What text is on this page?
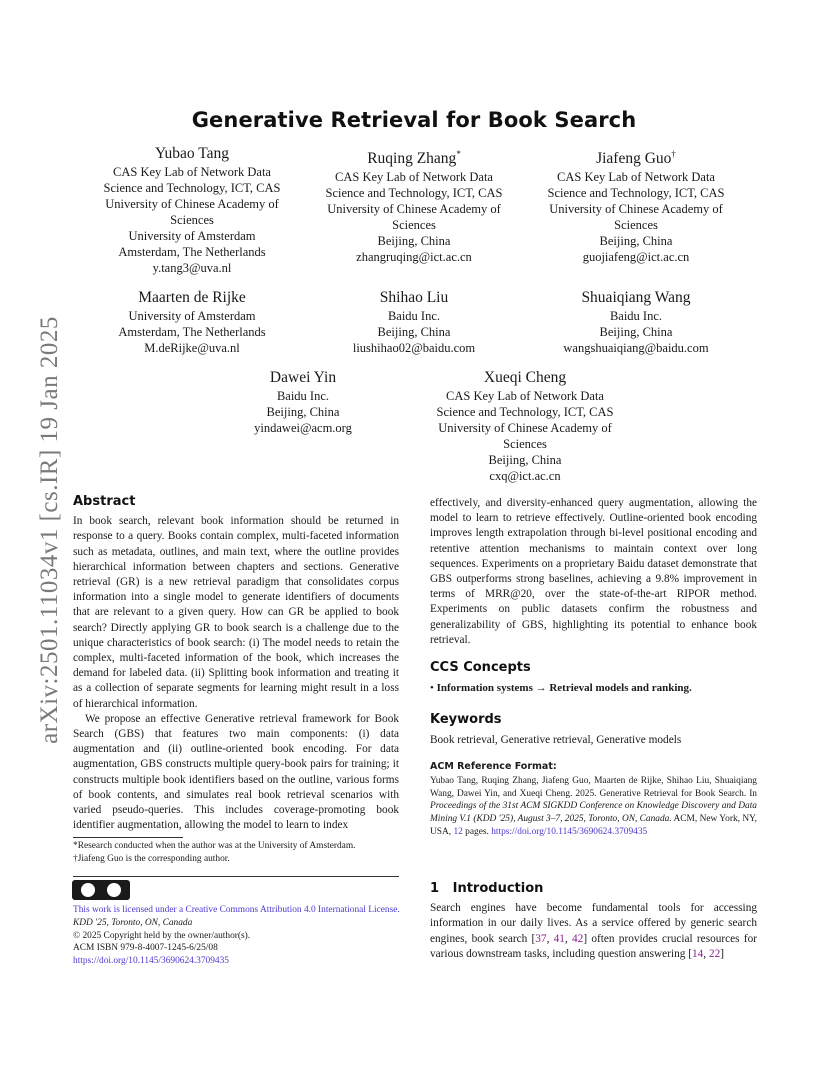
Generative Retrieval for Book Search
arXiv:2501.11034v1 [cs.IR] 19 Jan 2025
Yubao Tang
CAS Key Lab of Network Data
Science and Technology, ICT, CAS
University of Chinese Academy of
Sciences
University of Amsterdam
Amsterdam, The Netherlands
y.tang3@uva.nl
Ruqing Zhang*
CAS Key Lab of Network Data
Science and Technology, ICT, CAS
University of Chinese Academy of
Sciences
Beijing, China
zhangruqing@ict.ac.cn
Jiafeng Guo†
CAS Key Lab of Network Data
Science and Technology, ICT, CAS
University of Chinese Academy of
Sciences
Beijing, China
guojiafeng@ict.ac.cn
Maarten de Rijke
University of Amsterdam
Amsterdam, The Netherlands
M.deRijke@uva.nl
Shihao Liu
Baidu Inc.
Beijing, China
liushihao02@baidu.com
Shuaiqiang Wang
Baidu Inc.
Beijing, China
wangshuaiqiang@baidu.com
Dawei Yin
Baidu Inc.
Beijing, China
yindawei@acm.org
Xueqi Cheng
CAS Key Lab of Network Data
Science and Technology, ICT, CAS
University of Chinese Academy of
Sciences
Beijing, China
cxq@ict.ac.cn

Abstract

In book search, relevant book information should be returned in response to a query. Books contain complex, multi-faceted information such as metadata, outlines, and main text, where the outline provides hierarchical information between chapters and sections. Generative retrieval (GR) is a new retrieval paradigm that consolidates corpus information into a single model to generate identifiers of documents that are relevant to a given query. How can GR be applied to book search? Directly applying GR to book search is a challenge due to the unique characteristics of book search: (i) The model needs to retain the complex, multi-faceted information of the book, which increases the demand for labeled data. (ii) Splitting book information and treating it as a collection of separate segments for learning might result in a loss of hierarchical information.

We propose an effective Generative retrieval framework for Book Search (GBS) that features two main components: (i) data augmentation and (ii) outline-oriented book encoding. For data augmentation, GBS constructs multiple query-book pairs for training; it constructs multiple book identifiers based on the outline, various forms of book contents, and simulates real book retrieval scenarios with varied pseudo-queries. This includes coverage-promoting book identifier augmentation, allowing the model to learn to index

*Research conducted when the author was at the University of Amsterdam.
†Jiafeng Guo is the corresponding author.
This work is licensed under a Creative Commons Attribution 4.0 International License.
KDD '25, Toronto, ON, Canada
© 2025 Copyright held by the owner/author(s).
ACM ISBN 979-8-4007-1245-6/25/08
https://doi.org/10.1145/3690624.3709435

effectively, and diversity-enhanced query augmentation, allowing the model to learn to retrieve effectively. Outline-oriented book encoding improves length extrapolation through bi-level positional encoding and retentive attention mechanisms to maintain context over long sequences. Experiments on a proprietary Baidu dataset demonstrate that GBS outperforms strong baselines, achieving a 9.8% improvement in terms of MRR@20, over the state-of-the-art RIPOR method. Experiments on public datasets confirm the robustness and generalizability of GBS, highlighting its potential to enhance book retrieval.

CCS Concepts

• Information systems → Retrieval models and ranking.

Keywords

Book retrieval, Generative retrieval, Generative models

ACM Reference Format:

Yubao Tang, Ruqing Zhang, Jiafeng Guo, Maarten de Rijke, Shihao Liu, Shuaiqiang Wang, Dawei Yin, and Xueqi Cheng. 2025. Generative Retrieval for Book Search. In Proceedings of the 31st ACM SIGKDD Conference on Knowledge Discovery and Data Mining V.1 (KDD '25), August 3–7, 2025, Toronto, ON, Canada. ACM, New York, NY, USA, 12 pages. https://doi.org/10.1145/3690624.3709435

1 Introduction

Search engines have become fundamental tools for accessing information in our daily lives. As a service offered by generic search engines, book search [37, 41, 42] often provides crucial resources for various downstream tasks, including question answering [14, 22]
